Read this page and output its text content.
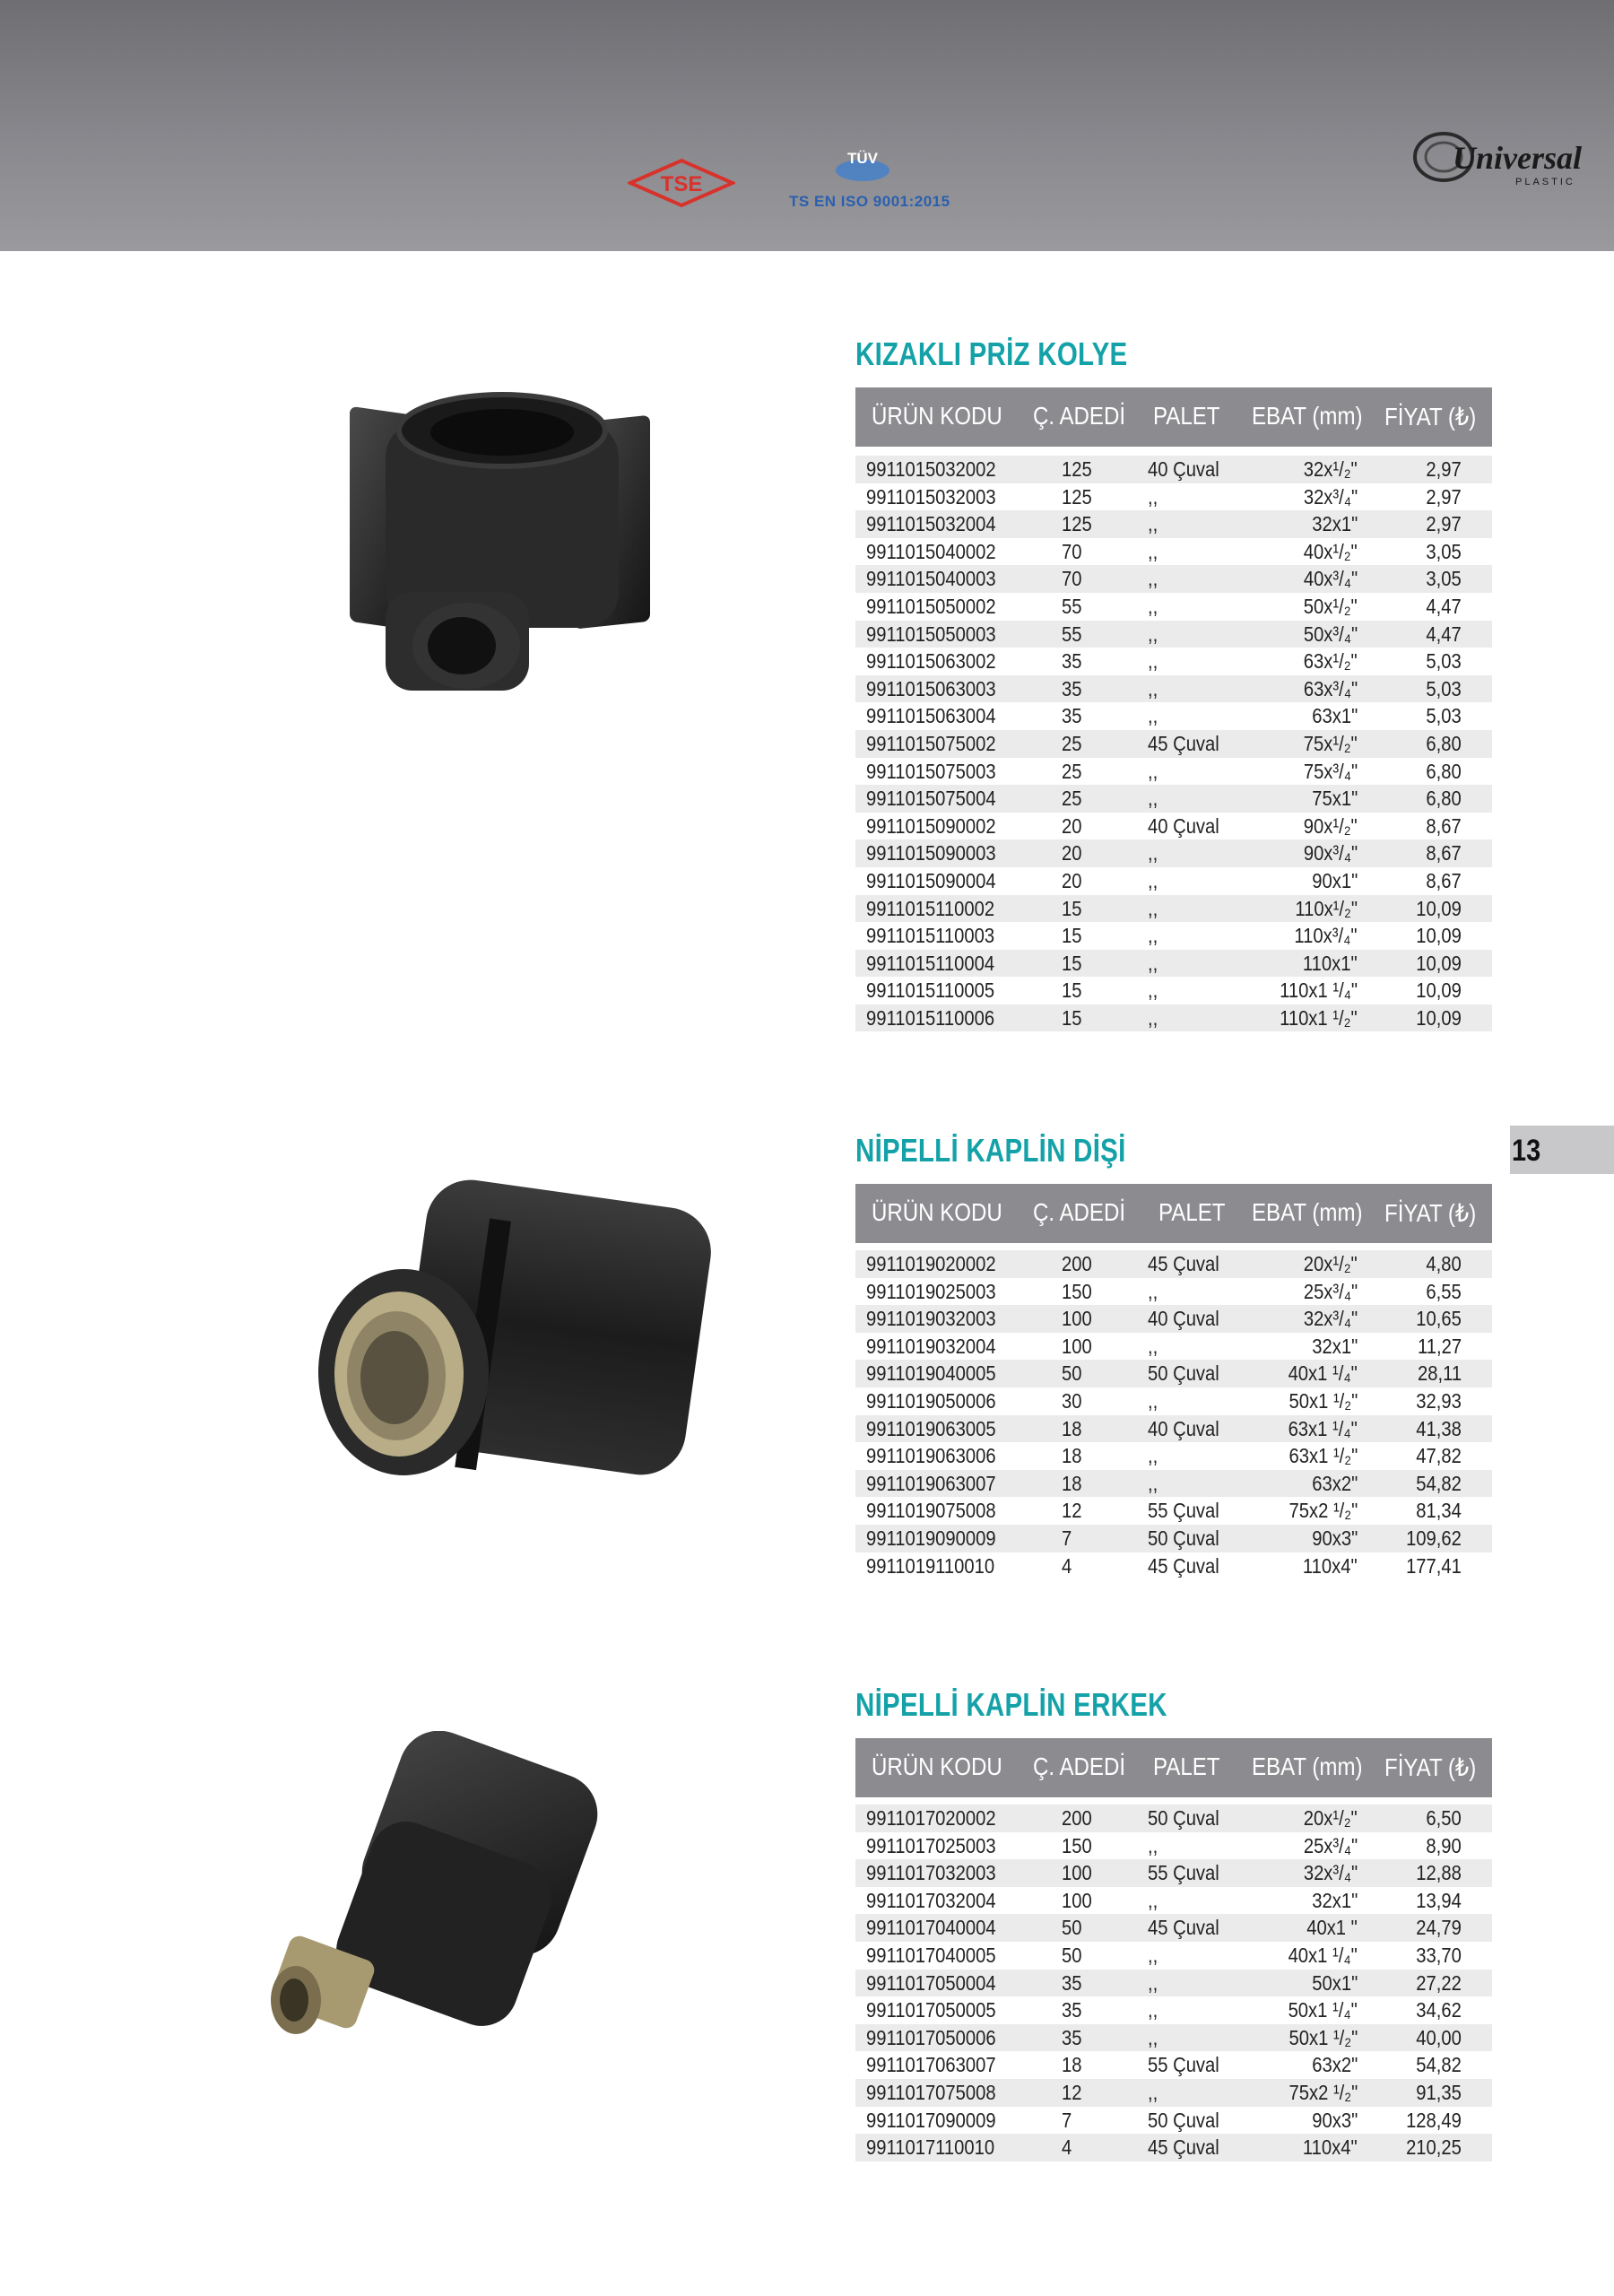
TSE
TÜV
TS EN ISO 9001:2015
Universal
PLASTIC
13
KIZAKLI PRİZ KOLYE
ÜRÜN KODU Ç. ADEDİ PALET EBAT (mm) FİYAT (₺)
9911015032002	125	40 Çuval	32x¹/₂"	2,97
9911015032003	125	,,	32x³/₄"	2,97
9911015032004	125	,,	32x1"	2,97
9911015040002	70	,,	40x¹/₂"	3,05
9911015040003	70	,,	40x³/₄"	3,05
9911015050002	55	,,	50x¹/₂"	4,47
9911015050003	55	,,	50x³/₄"	4,47
9911015063002	35	,,	63x¹/₂"	5,03
9911015063003	35	,,	63x³/₄"	5,03
9911015063004	35	,,	63x1"	5,03
9911015075002	25	45 Çuval	75x¹/₂"	6,80
9911015075003	25	,,	75x³/₄"	6,80
9911015075004	25	,,	75x1"	6,80
9911015090002	20	40 Çuval	90x¹/₂"	8,67
9911015090003	20	,,	90x³/₄"	8,67
9911015090004	20	,,	90x1"	8,67
9911015110002	15	,,	110x¹/₂"	10,09
9911015110003	15	,,	110x³/₄"	10,09
9911015110004	15	,,	110x1"	10,09
9911015110005	15	,,	110x1 ¹/₄"	10,09
9911015110006	15	,,	110x1 ¹/₂"	10,09
NİPELLİ KAPLİN DİŞİ
ÜRÜN KODU Ç. ADEDİ PALET EBAT (mm) FİYAT (₺)
9911019020002	200	45 Çuval	20x¹/₂"	4,80
9911019025003	150	,,	25x³/₄"	6,55
9911019032003	100	40 Çuval	32x³/₄"	10,65
9911019032004	100	,,	32x1"	11,27
9911019040005	50	50 Çuval	40x1 ¹/₄"	28,11
9911019050006	30	,,	50x1 ¹/₂"	32,93
9911019063005	18	40 Çuval	63x1 ¹/₄"	41,38
9911019063006	18	,,	63x1 ¹/₂"	47,82
9911019063007	18	,,	63x2"	54,82
9911019075008	12	55 Çuval	75x2 ¹/₂"	81,34
9911019090009	7	50 Çuval	90x3" 109,62
9911019110010	4	45 Çuval	110x4" 177,41
NİPELLİ KAPLİN ERKEK
ÜRÜN KODU Ç. ADEDİ PALET EBAT (mm) FİYAT (₺)
9911017020002	200	50 Çuval	20x¹/₂"	6,50
9911017025003	150	,,	25x³/₄"	8,90
9911017032003	100	55 Çuval	32x³/₄"	12,88
9911017032004	100	,,	32x1"	13,94
9911017040004	50	45 Çuval	40x1 "	24,79
9911017040005	50	,,	40x1 ¹/₄"	33,70
9911017050004	35	,,	50x1"	27,22
9911017050005	35	,,	50x1 ¹/₄"	34,62
9911017050006	35	,,	50x1 ¹/₂"	40,00
9911017063007	18	55 Çuval	63x2"	54,82
9911017075008	12	,,	75x2 ¹/₂"	91,35
9911017090009	7	50 Çuval	90x3" 128,49
9911017110010	4	45 Çuval	110x4" 210,25
